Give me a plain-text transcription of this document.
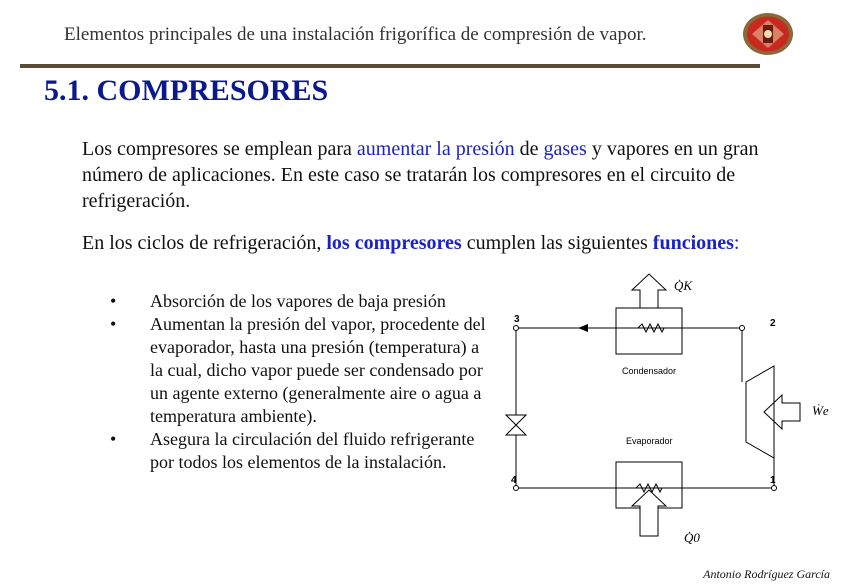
Elementos principales de una instalación frigorífica de compresión de vapor.
5.1. COMPRESORES

Los compresores se emplean para aumentar la presión de gases y vapores en un gran número de aplicaciones. En este caso se tratarán los compresores en el circuito de refrigeración.

En los ciclos de refrigeración, los compresores cumplen las siguientes funciones:
• Absorción de los vapores de baja presión
• Aumentan la presión del vapor, procedente del evaporador, hasta una presión (temperatura) a la cual, dicho vapor puede ser condensado por un agente externo (generalmente aire o agua a temperatura ambiente).
• Asegura la circulación del fluido refrigerante por todos los elementos de la instalación.
3	2
4	1
Condensador
Evaporador
Q̇K
Q̇0
Ẇe
Antonio Rodríguez García
